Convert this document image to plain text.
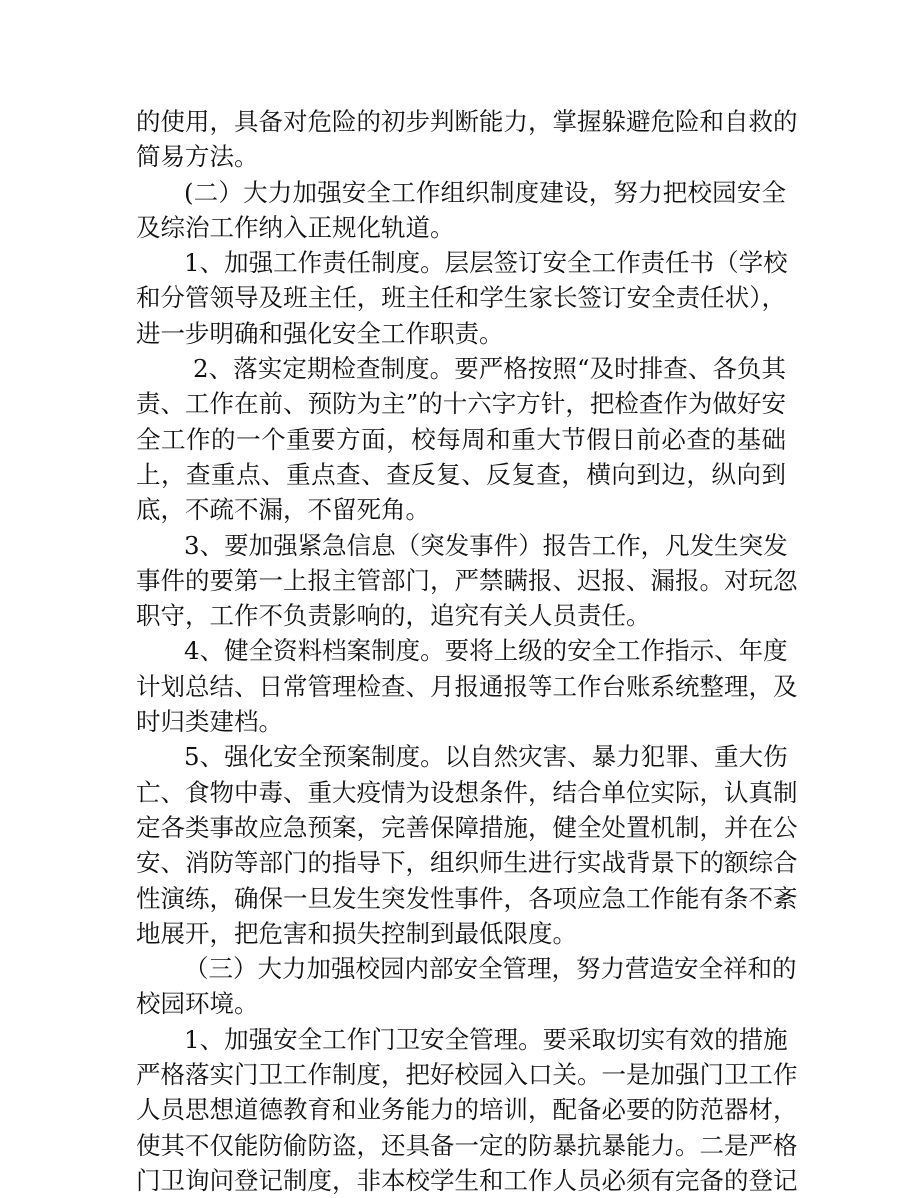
的使用，具备对危险的初步判断能力，掌握躲避危险和自救的
简易方法。
(二）大力加强安全工作组织制度建设，努力把校园安全
及综治工作纳入正规化轨道。
1、加强工作责任制度。层层签订安全工作责任书（学校
和分管领导及班主任，班主任和学生家长签订安全责任状），
进一步明确和强化安全工作职责。
2、落实定期检查制度。要严格按照“及时排查、各负其
责、工作在前、预防为主”的十六字方针，把检查作为做好安
全工作的一个重要方面，校每周和重大节假日前必查的基础
上，查重点、重点查、查反复、反复查，横向到边，纵向到
底，不疏不漏，不留死角。
3、要加强紧急信息（突发事件）报告工作，凡发生突发
事件的要第一上报主管部门，严禁瞒报、迟报、漏报。对玩忽
职守，工作不负责影响的，追究有关人员责任。
4、健全资料档案制度。要将上级的安全工作指示、年度
计划总结、日常管理检查、月报通报等工作台账系统整理，及
时归类建档。
5、强化安全预案制度。以自然灾害、暴力犯罪、重大伤
亡、食物中毒、重大疫情为设想条件，结合单位实际，认真制
定各类事故应急预案，完善保障措施，健全处置机制，并在公
安、消防等部门的指导下，组织师生进行实战背景下的额综合
性演练，确保一旦发生突发性事件，各项应急工作能有条不紊
地展开，把危害和损失控制到最低限度。
（三）大力加强校园内部安全管理，努力营造安全祥和的
校园环境。
1、加强安全工作门卫安全管理。要采取切实有效的措施
严格落实门卫工作制度，把好校园入口关。一是加强门卫工作
人员思想道德教育和业务能力的培训，配备必要的防范器材，
使其不仅能防偷防盗，还具备一定的防暴抗暴能力。二是严格
门卫询问登记制度，非本校学生和工作人员必须有完备的登记
